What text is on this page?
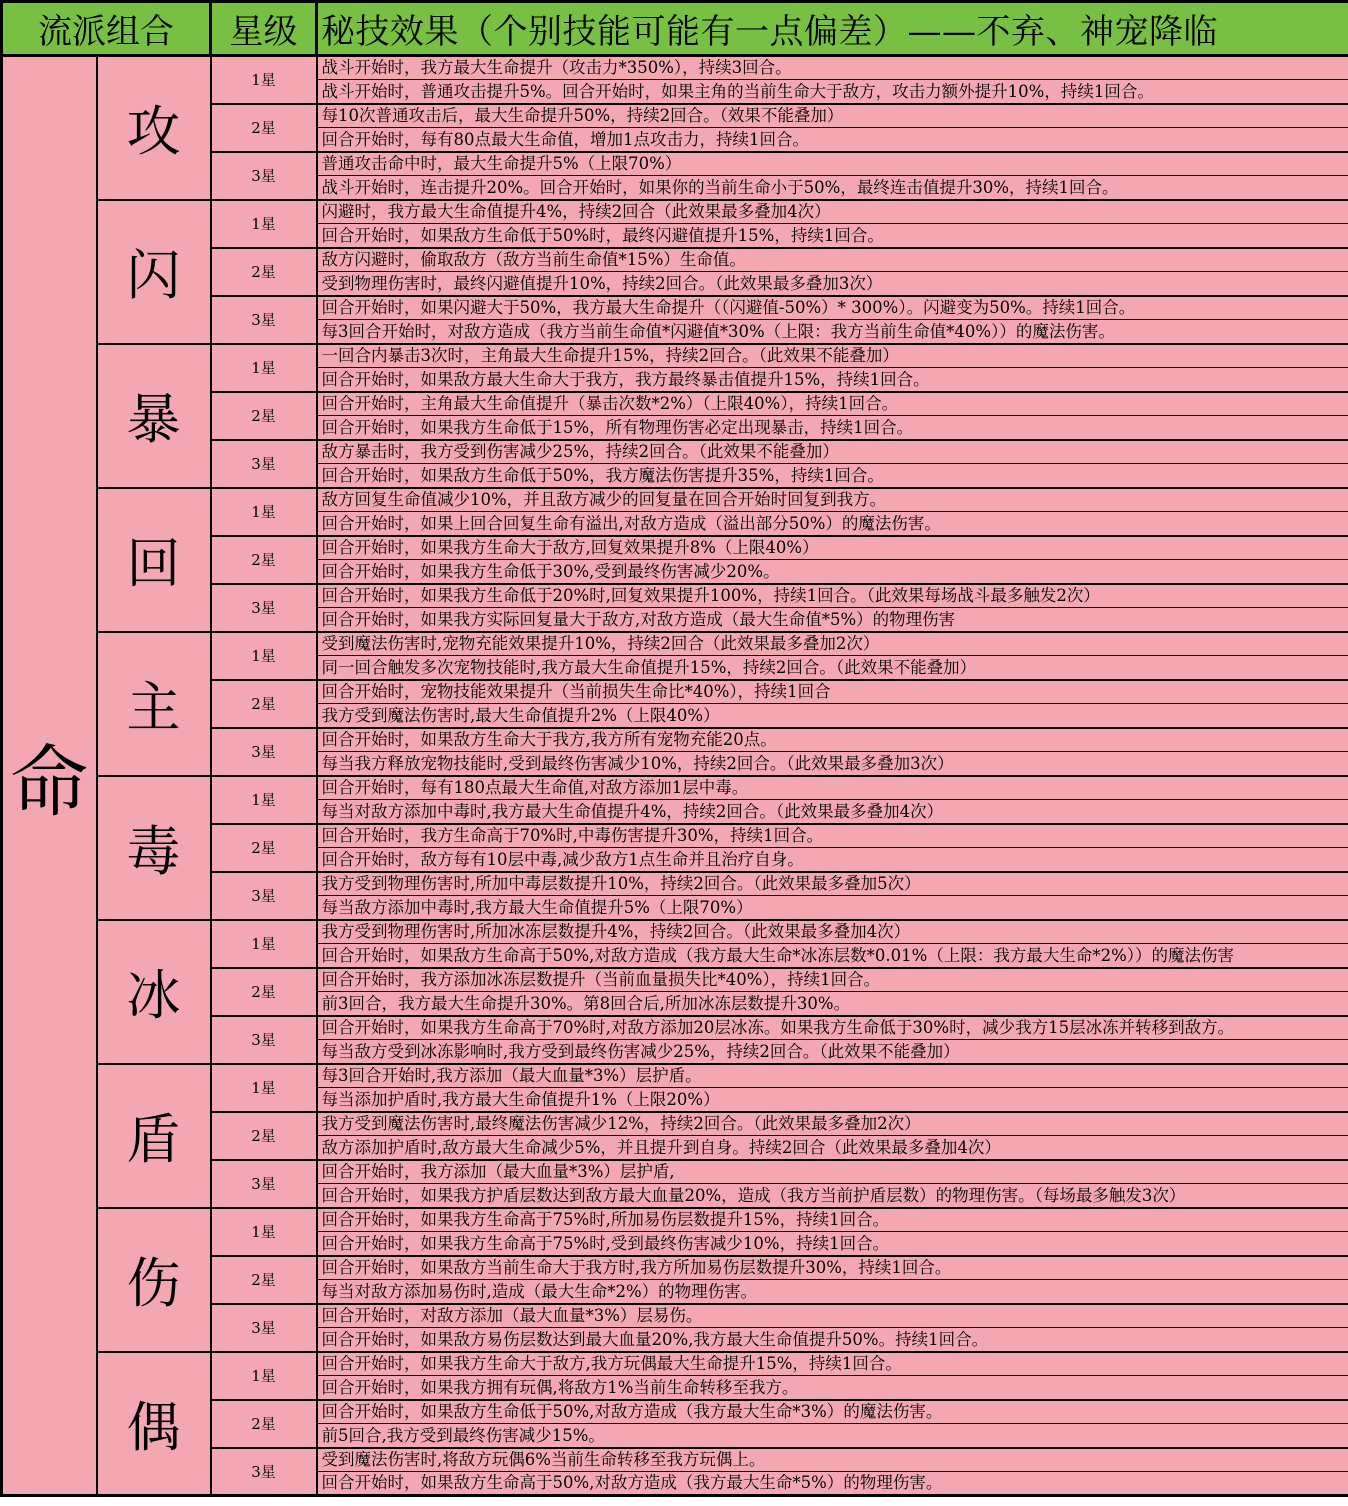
流派组合		星级	秘技效果（个别技能可能有一点偏差）——不弃、神宠降临
命	攻	1星	战斗开始时，我方最大生命提升（攻击力*350%），持续3回合。
			战斗开始时，普通攻击提升5%。回合开始时，如果主角的当前生命大于敌方，攻击力额外提升10%，持续1回合。
		2星	每10次普通攻击后，最大生命提升50%，持续2回合。（效果不能叠加）
			回合开始时，每有80点最大生命值，增加1点攻击力，持续1回合。
		3星	普通攻击命中时，最大生命提升5%（上限70%）
			战斗开始时，连击提升20%。回合开始时，如果你的当前生命小于50%，最终连击值提升30%，持续1回合。
	闪	1星	闪避时，我方最大生命值提升4%，持续2回合（此效果最多叠加4次）
			回合开始时，如果敌方生命低于50%时，最终闪避值提升15%，持续1回合。
		2星	敌方闪避时，偷取敌方（敌方当前生命值*15%）生命值。
			受到物理伤害时，最终闪避值提升10%，持续2回合。（此效果最多叠加3次）
		3星	回合开始时，如果闪避大于50%，我方最大生命提升（（闪避值-50%）* 300%）。闪避变为50%。持续1回合。
			每3回合开始时，对敌方造成（我方当前生命值*闪避值*30%（上限：我方当前生命值*40%））的魔法伤害。
	暴	1星	一回合内暴击3次时，主角最大生命提升15%，持续2回合。（此效果不能叠加）
			回合开始时，如果敌方最大生命大于我方，我方最终暴击值提升15%，持续1回合。
		2星	回合开始时，主角最大生命值提升（暴击次数*2%）（上限40%），持续1回合。
			回合开始时，如果我方生命低于15%，所有物理伤害必定出现暴击，持续1回合。
		3星	敌方暴击时，我方受到伤害减少25%，持续2回合。（此效果不能叠加）
			回合开始时，如果敌方生命低于50%，我方魔法伤害提升35%，持续1回合。
	回	1星	敌方回复生命值减少10%，并且敌方减少的回复量在回合开始时回复到我方。
			回合开始时，如果上回合回复生命有溢出,对敌方造成（溢出部分50%）的魔法伤害。
		2星	回合开始时，如果我方生命大于敌方,回复效果提升8%（上限40%）
			回合开始时，如果我方生命低于30%,受到最终伤害减少20%。
		3星	回合开始时，如果我方生命低于20%时,回复效果提升100%，持续1回合。（此效果每场战斗最多触发2次）
			回合开始时，如果我方实际回复量大于敌方,对敌方造成（最大生命值*5%）的物理伤害
	主	1星	受到魔法伤害时,宠物充能效果提升10%，持续2回合（此效果最多叠加2次）
			同一回合触发多次宠物技能时,我方最大生命值提升15%，持续2回合。（此效果不能叠加）
		2星	回合开始时，宠物技能效果提升（当前损失生命比*40%），持续1回合
			我方受到魔法伤害时,最大生命值提升2%（上限40%）
		3星	回合开始时，如果敌方生命大于我方,我方所有宠物充能20点。
			每当我方释放宠物技能时,受到最终伤害减少10%，持续2回合。（此效果最多叠加3次）
	毒	1星	回合开始时，每有180点最大生命值,对敌方添加1层中毒。
			每当对敌方添加中毒时,我方最大生命值提升4%，持续2回合。（此效果最多叠加4次）
		2星	回合开始时，我方生命高于70%时,中毒伤害提升30%，持续1回合。
			回合开始时，敌方每有10层中毒,减少敌方1点生命并且治疗自身。
		3星	我方受到物理伤害时,所加中毒层数提升10%，持续2回合。（此效果最多叠加5次）
			每当敌方添加中毒时,我方最大生命值提升5%（上限70%）
	冰	1星	我方受到物理伤害时,所加冰冻层数提升4%，持续2回合。（此效果最多叠加4次）
			回合开始时，如果敌方生命高于50%,对敌方造成（我方最大生命*冰冻层数*0.01%（上限：我方最大生命*2%））的魔法伤害
		2星	回合开始时，我方添加冰冻层数提升（当前血量损失比*40%），持续1回合。
			前3回合，我方最大生命提升30%。第8回合后,所加冰冻层数提升30%。
		3星	回合开始时，如果我方生命高于70%时,对敌方添加20层冰冻。如果我方生命低于30%时，减少我方15层冰冻并转移到敌方。
			每当敌方受到冰冻影响时,我方受到最终伤害减少25%，持续2回合。（此效果不能叠加）
	盾	1星	每3回合开始时,我方添加（最大血量*3%）层护盾。
			每当添加护盾时,我方最大生命值提升1%（上限20%）
		2星	我方受到魔法伤害时,最终魔法伤害减少12%，持续2回合。（此效果最多叠加2次）
			敌方添加护盾时,敌方最大生命减少5%，并且提升到自身。持续2回合（此效果最多叠加4次）
		3星	回合开始时，我方添加（最大血量*3%）层护盾,
			回合开始时，如果我方护盾层数达到敌方最大血量20%，造成（我方当前护盾层数）的物理伤害。（每场最多触发3次）
	伤	1星	回合开始时，如果我方生命高于75%时,所加易伤层数提升15%，持续1回合。
			回合开始时，如果我方生命高于75%时,受到最终伤害减少10%，持续1回合。
		2星	回合开始时，如果敌方当前生命大于我方时,我方所加易伤层数提升30%，持续1回合。
			每当对敌方添加易伤时,造成（最大生命*2%）的物理伤害。
		3星	回合开始时，对敌方添加（最大血量*3%）层易伤。
			回合开始时，如果敌方易伤层数达到最大血量20%,我方最大生命值提升50%。持续1回合。
	偶	1星	回合开始时，如果我方生命大于敌方,我方玩偶最大生命提升15%，持续1回合。
			回合开始时，如果我方拥有玩偶,将敌方1%当前生命转移至我方。
		2星	回合开始时，如果敌方生命低于50%,对敌方造成（我方最大生命*3%）的魔法伤害。
			前5回合,我方受到最终伤害减少15%。
		3星	受到魔法伤害时,将敌方玩偶6%当前生命转移至我方玩偶上。
			回合开始时，如果敌方生命高于50%,对敌方造成（我方最大生命*5%）的物理伤害。
